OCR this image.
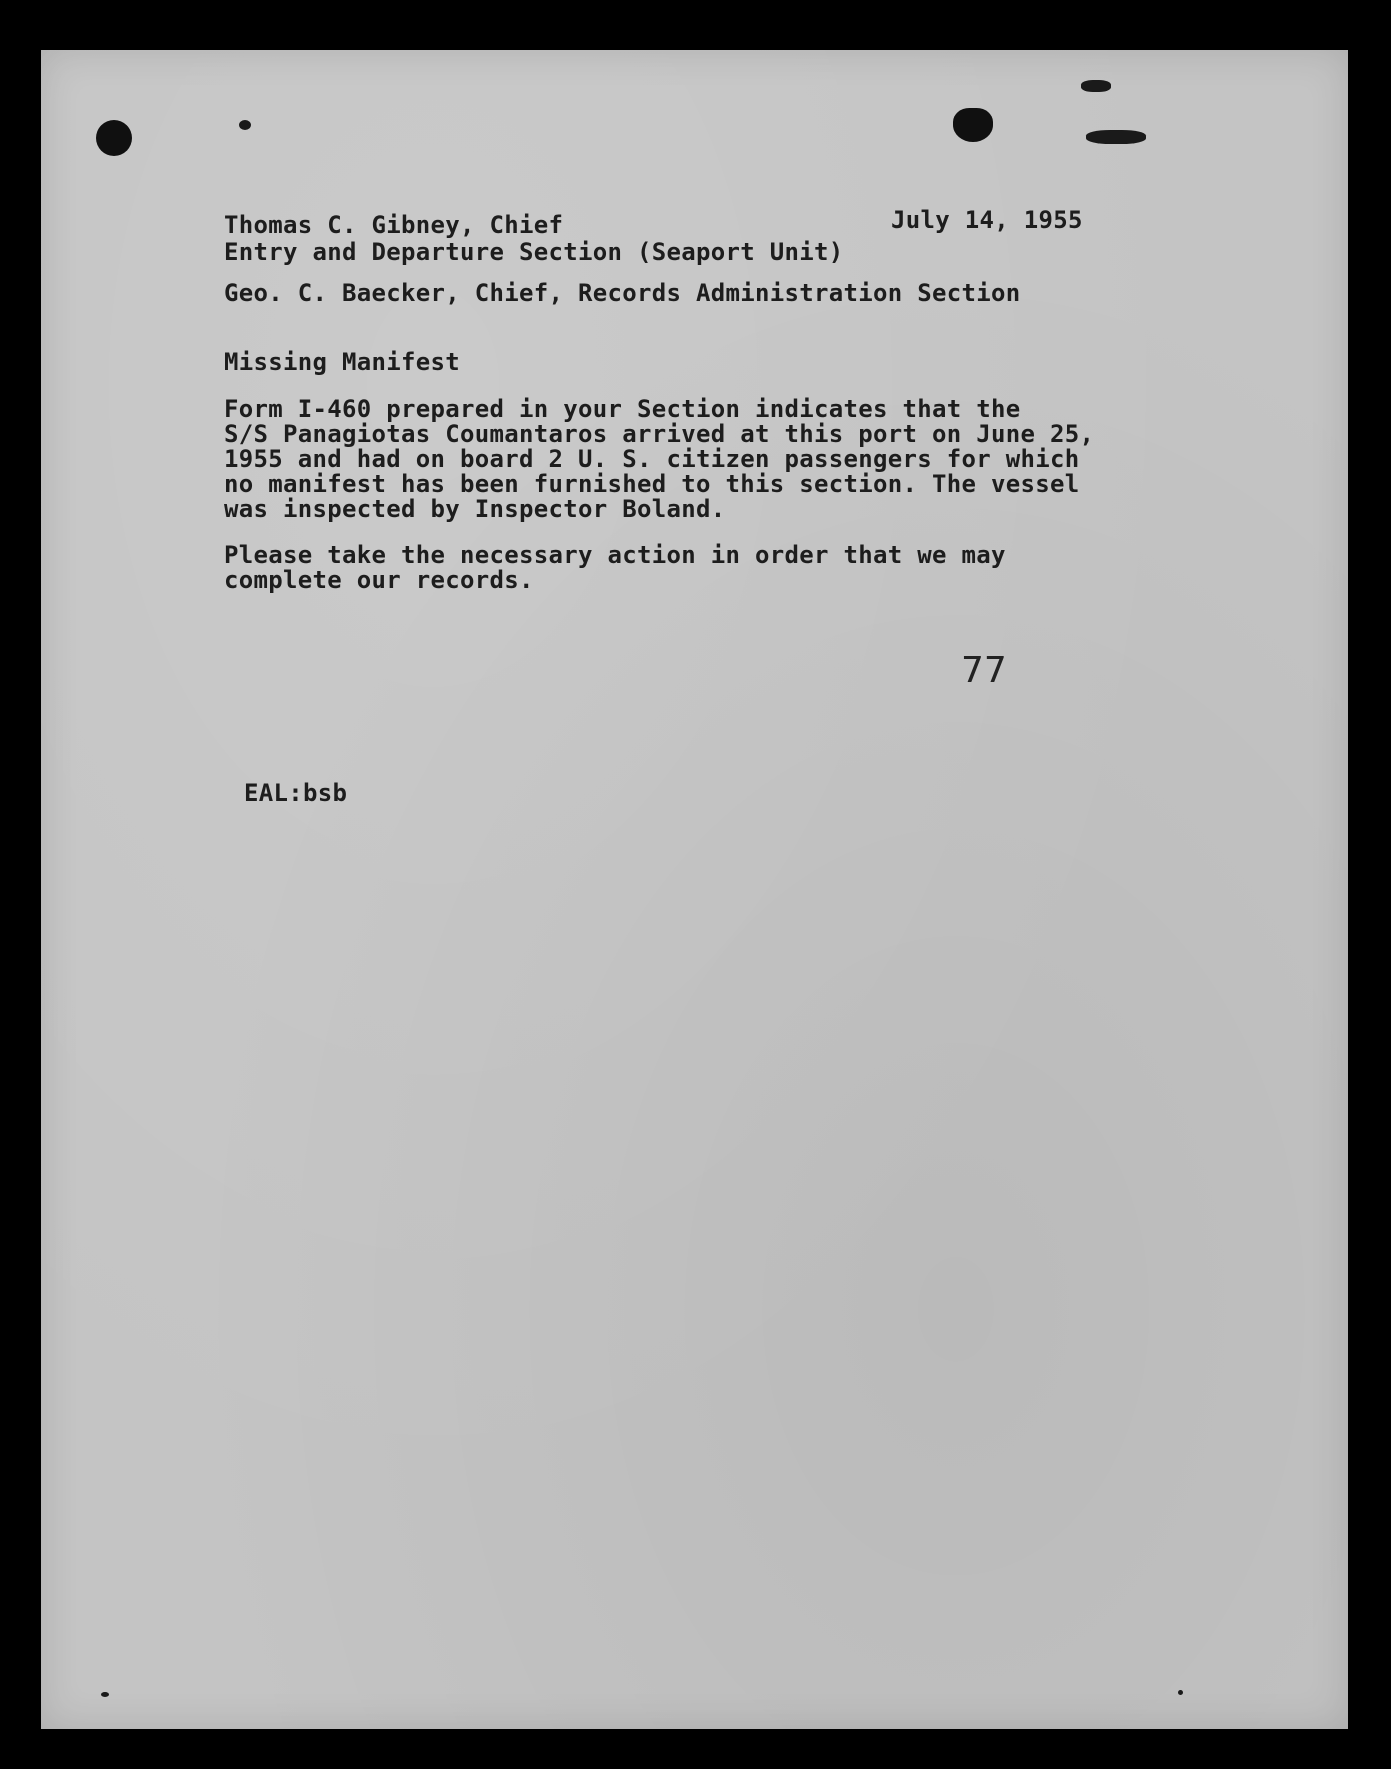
Thomas C. Gibney, Chief	July 14, 1955
Entry and Departure Section (Seaport Unit)
Geo. C. Baecker, Chief, Records Administration Section
Missing Manifest
Form I-460 prepared in your Section indicates that the
S/S Panagiotas Coumantaros arrived at this port on June 25,
1955 and had on board 2 U. S. citizen passengers for which
no manifest has been furnished to this section. The vessel
was inspected by Inspector Boland.
Please take the necessary action in order that we may
complete our records.
77
EAL:bsb
